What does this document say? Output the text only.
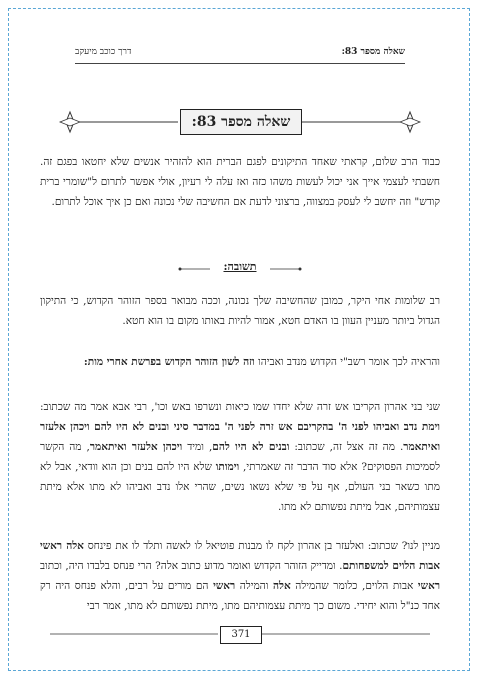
שאלה מספר 83:
דרך כוכב מיעקב
שאלה מספר 83:
כבוד הרב שלום, קראתי שאחד התיקונים לפגם הברית הוא להזהיר אנשים שלא יחטאו בפגם זה. חשבתי לעצמי אייך אני יכול לעשות משהו כזה ואז עלה לי רעיון, אולי אפשר לתרום ל"שומרי ברית קודש" וזה יחשב לי לעסק במצווה, ברצוני לדעת אם החשיבה שלי נכונה ואם כן איך אוכל לתרום.
תשובה:
רב שלומות אחי היקר, כמובן שהחשיבה שלך נכונה, וככה מבואר בספר הזוהר הקדוש, כי התיקון הגדול ביותר מעניין העוון בו האדם חטא, אמור להיות באותו מקום בו הוא חטא.
והראיה לכך אומר רשב"י הקדוש מנדב ואביהו וזה לשון הזוהר הקדוש בפרשת אחרי מות:
שני בני אהרון הקריבו אש זרה שלא יחדו שמו כיאות ונשרפו באש וכו', רבי אבא אמר מה שכתוב: וימת נדב ואביהו לפני ה' בהקריבם אש זרה לפני ה' במדבר סיני ובנים לא היו להם ויכהן אלעזר ואיתאמר. מה זה אצל זה, שכתוב: ובנים לא היו להם, ומיד ויכהן אלעזר ואיתאמר, מה הקשר לסמיכות הפסוקים? אלא סוד הדבר זה שאמרתי, וימותו שלא היו להם בנים וכן הוא וודאי, אבל לא מתו כשאר בני העולם, אף על פי שלא נשאו נשים, שהרי אלו נדב ואביהו לא מתו אלא מיתת עצמותיהם, אבל מיתת נפשותם לא מתו.
מניין לנו? שכתוב: ואלעזר בן אהרון לקח לו מבנות פוטיאל לו לאשה ותלד לו את פינחס אלה ראשי אבות הלוים למשפחותם. ומדייק הזוהר הקדוש ואומר מדוע כתוב אלה? הרי פנחס בלבדו היה, וכתוב ראשי אבות הלוים, כלומר שהמילה אלה והמילה ראשי הם מורים על רבים, והלא פנחס היה רק אחד כנ"ל והוא יחידי. משום כך מיתת עצמותיהם מתו, מיתת נפשותם לא מתו, אמר רבי
371
